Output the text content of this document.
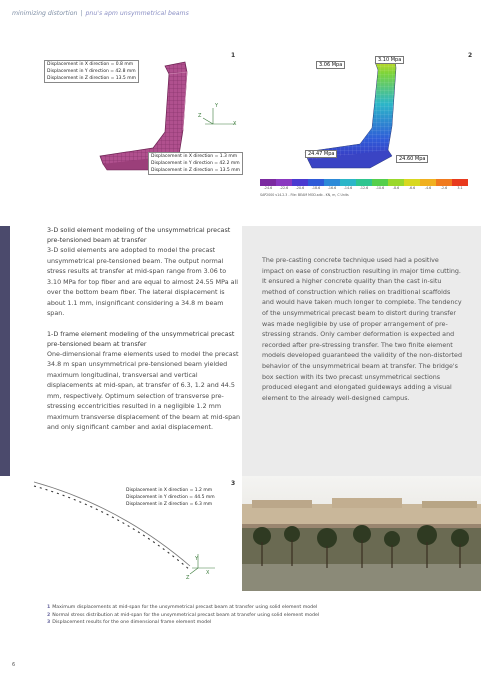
minimizing distortion | pnu's apm unsymmetrical beams
1
Y
Z
X
Displacement in X direction = 0.8 mm
Displacement in Y direction = 42.8 mm
Displacement in Z direction = 13.5 mm
Displacement in X direction = 1.3 mm
Displacement in Y direction = 42.2 mm
Displacement in Z direction = 13.5 mm
2
3.10 Mpa
3.06 Mpa
24.47 Mpa
24.60 Mpa
-24.6	-22.6	-20.6	-18.6	-16.6	-14.6	-12.6	-10.6	-8.6	-6.6	-4.6	-2.6	3.1
SAP2000 v14.2.3 - File: BEAM MOD.sdb - KN, m, C Units
3-D solid element modeling of the unsymmetrical precast pre-tensioned beam at transfer

3-D solid elements are adopted to model the precast unsymmetrical pre-tensioned beam. The output normal stress results at transfer at mid-span range from 3.06 to 3.10 MPa for top fiber and are equal to almost 24.55 MPa all over the bottom beam fiber. The lateral displacement is about 1.1 mm, insignificant considering a 34.8 m beam span.

1-D frame element modeling of the unsymmetrical precast pre-tensioned beam at transfer

One-dimensional frame elements used to model the precast 34.8 m span unsymmetrical pre-tensioned beam yielded maximum longitudinal, transversal and vertical displacements at mid-span, at transfer of 6.3, 1.2 and 44.5 mm, respectively. Optimum selection of transverse pre-stressing eccentricities resulted in a negligible 1.2 mm maximum transverse displacement of the beam at mid-span and only significant camber and axial displacement.

The pre-casting concrete technique used had a positive impact on ease of construction resulting in major time cutting. It ensured a higher concrete quality than the cast in-situ method of construction which relies on traditional scaffolds and would have taken much longer to complete. The tendency of the unsymmetrical precast beam to distort during transfer was made negligible by use of proper arrangement of pre-stressing strands. Only camber deformation is expected and recorded after pre-stressing transfer. The two finite element models developed guaranteed the validity of the non-distorted behavior of the unsymmetrical beam at transfer. The bridge's box section with its two precast unsymmetrical sections produced elegant and elongated guideways adding a visual element to the already well-designed campus.
3
Y
Z
X
Displacement in X direction = 1.2 mm
Displacement in Y direction = 44.5 mm
Displacement in Z direction = 6.3 mm
1 Maximum displacements at mid-span for the unsymmetrical precast beam at transfer using solid element model
2 Normal stress distribution at mid-span for the unsymmetrical precast beam at transfer using solid element model
3 Displacement results for the one dimensional frame element model
6
